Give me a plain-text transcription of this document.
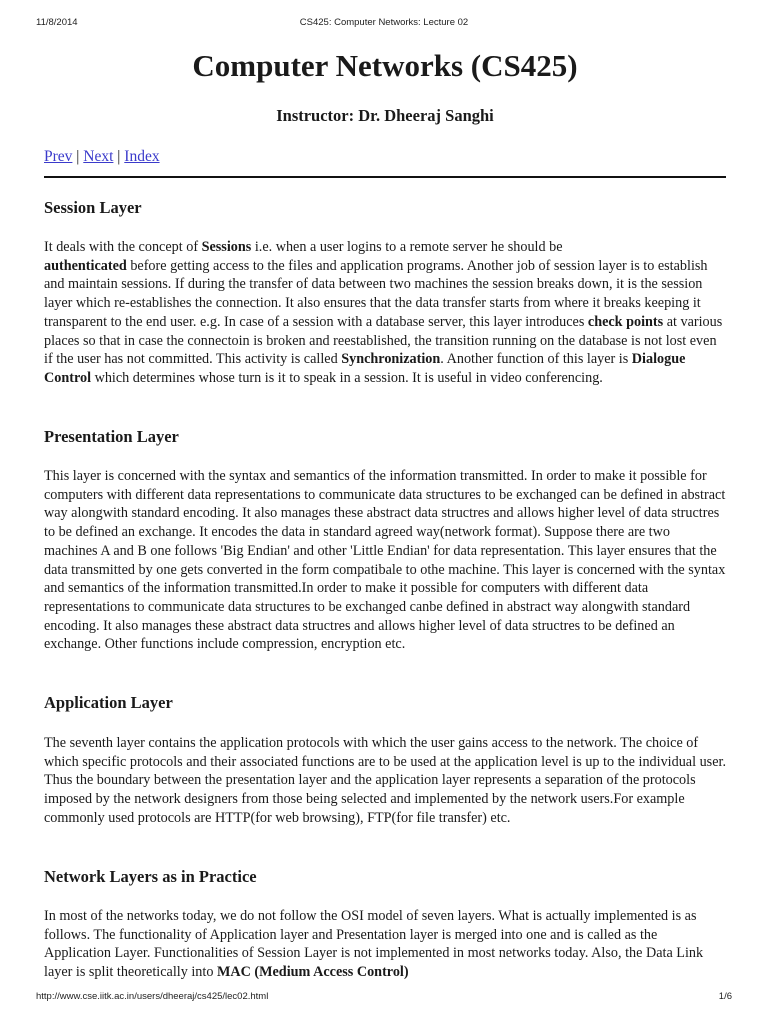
11/8/2014	CS425: Computer Networks: Lecture 02
Computer Networks (CS425)
Instructor: Dr. Dheeraj Sanghi
Prev | Next | Index
Session Layer

It deals with the concept of Sessions i.e. when a user logins to a remote server he should be
authenticated before getting access to the files and application programs. Another job of session layer is to establish and maintain sessions. If during the transfer of data between two machines the session breaks down, it is the session layer which re-establishes the connection. It also ensures that the data transfer starts from where it breaks keeping it transparent to the end user. e.g. In case of a session with a database server, this layer introduces check points at various places so that in case the connectoin is broken and reestablished, the transition running on the database is not lost even if the user has not committed. This activity is called Synchronization. Another function of this layer is Dialogue Control which determines whose turn is it to speak in a session. It is useful in video conferencing.

Presentation Layer

This layer is concerned with the syntax and semantics of the information transmitted. In order to make it possible for computers with different data representations to communicate data structures to be exchanged can be defined in abstract way alongwith standard encoding. It also manages these abstract data structres and allows higher level of data structres to be defined an exchange. It encodes the data in standard agreed way(network format). Suppose there are two machines A and B one follows 'Big Endian' and other 'Little Endian' for data representation. This layer ensures that the data transmitted by one gets converted in the form compatibale to othe machine. This layer is concerned with the syntax and semantics of the information transmitted.In order to make it possible for computers with different data representations to communicate data structures to be exchanged canbe defined in abstract way alongwith standard encoding. It also manages these abstract data structres and allows higher level of data structres to be defined an exchange. Other functions include compression, encryption etc.

Application Layer

The seventh layer contains the application protocols with which the user gains access to the network. The choice of which specific protocols and their associated functions are to be used at the application level is up to the individual user. Thus the boundary between the presentation layer and the application layer represents a separation of the protocols imposed by the network designers from those being selected and implemented by the network users.For example commonly used protocols are HTTP(for web browsing), FTP(for file transfer) etc.

Network Layers as in Practice

In most of the networks today, we do not follow the OSI model of seven layers. What is actually implemented is as follows. The functionality of Application layer and Presentation layer is merged into one and is called as the Application Layer. Functionalities of Session Layer is not implemented in most networks today. Also, the Data Link layer is split theoretically into MAC (Medium Access Control)

http://www.cse.iitk.ac.in/users/dheeraj/cs425/lec02.html	1/6
